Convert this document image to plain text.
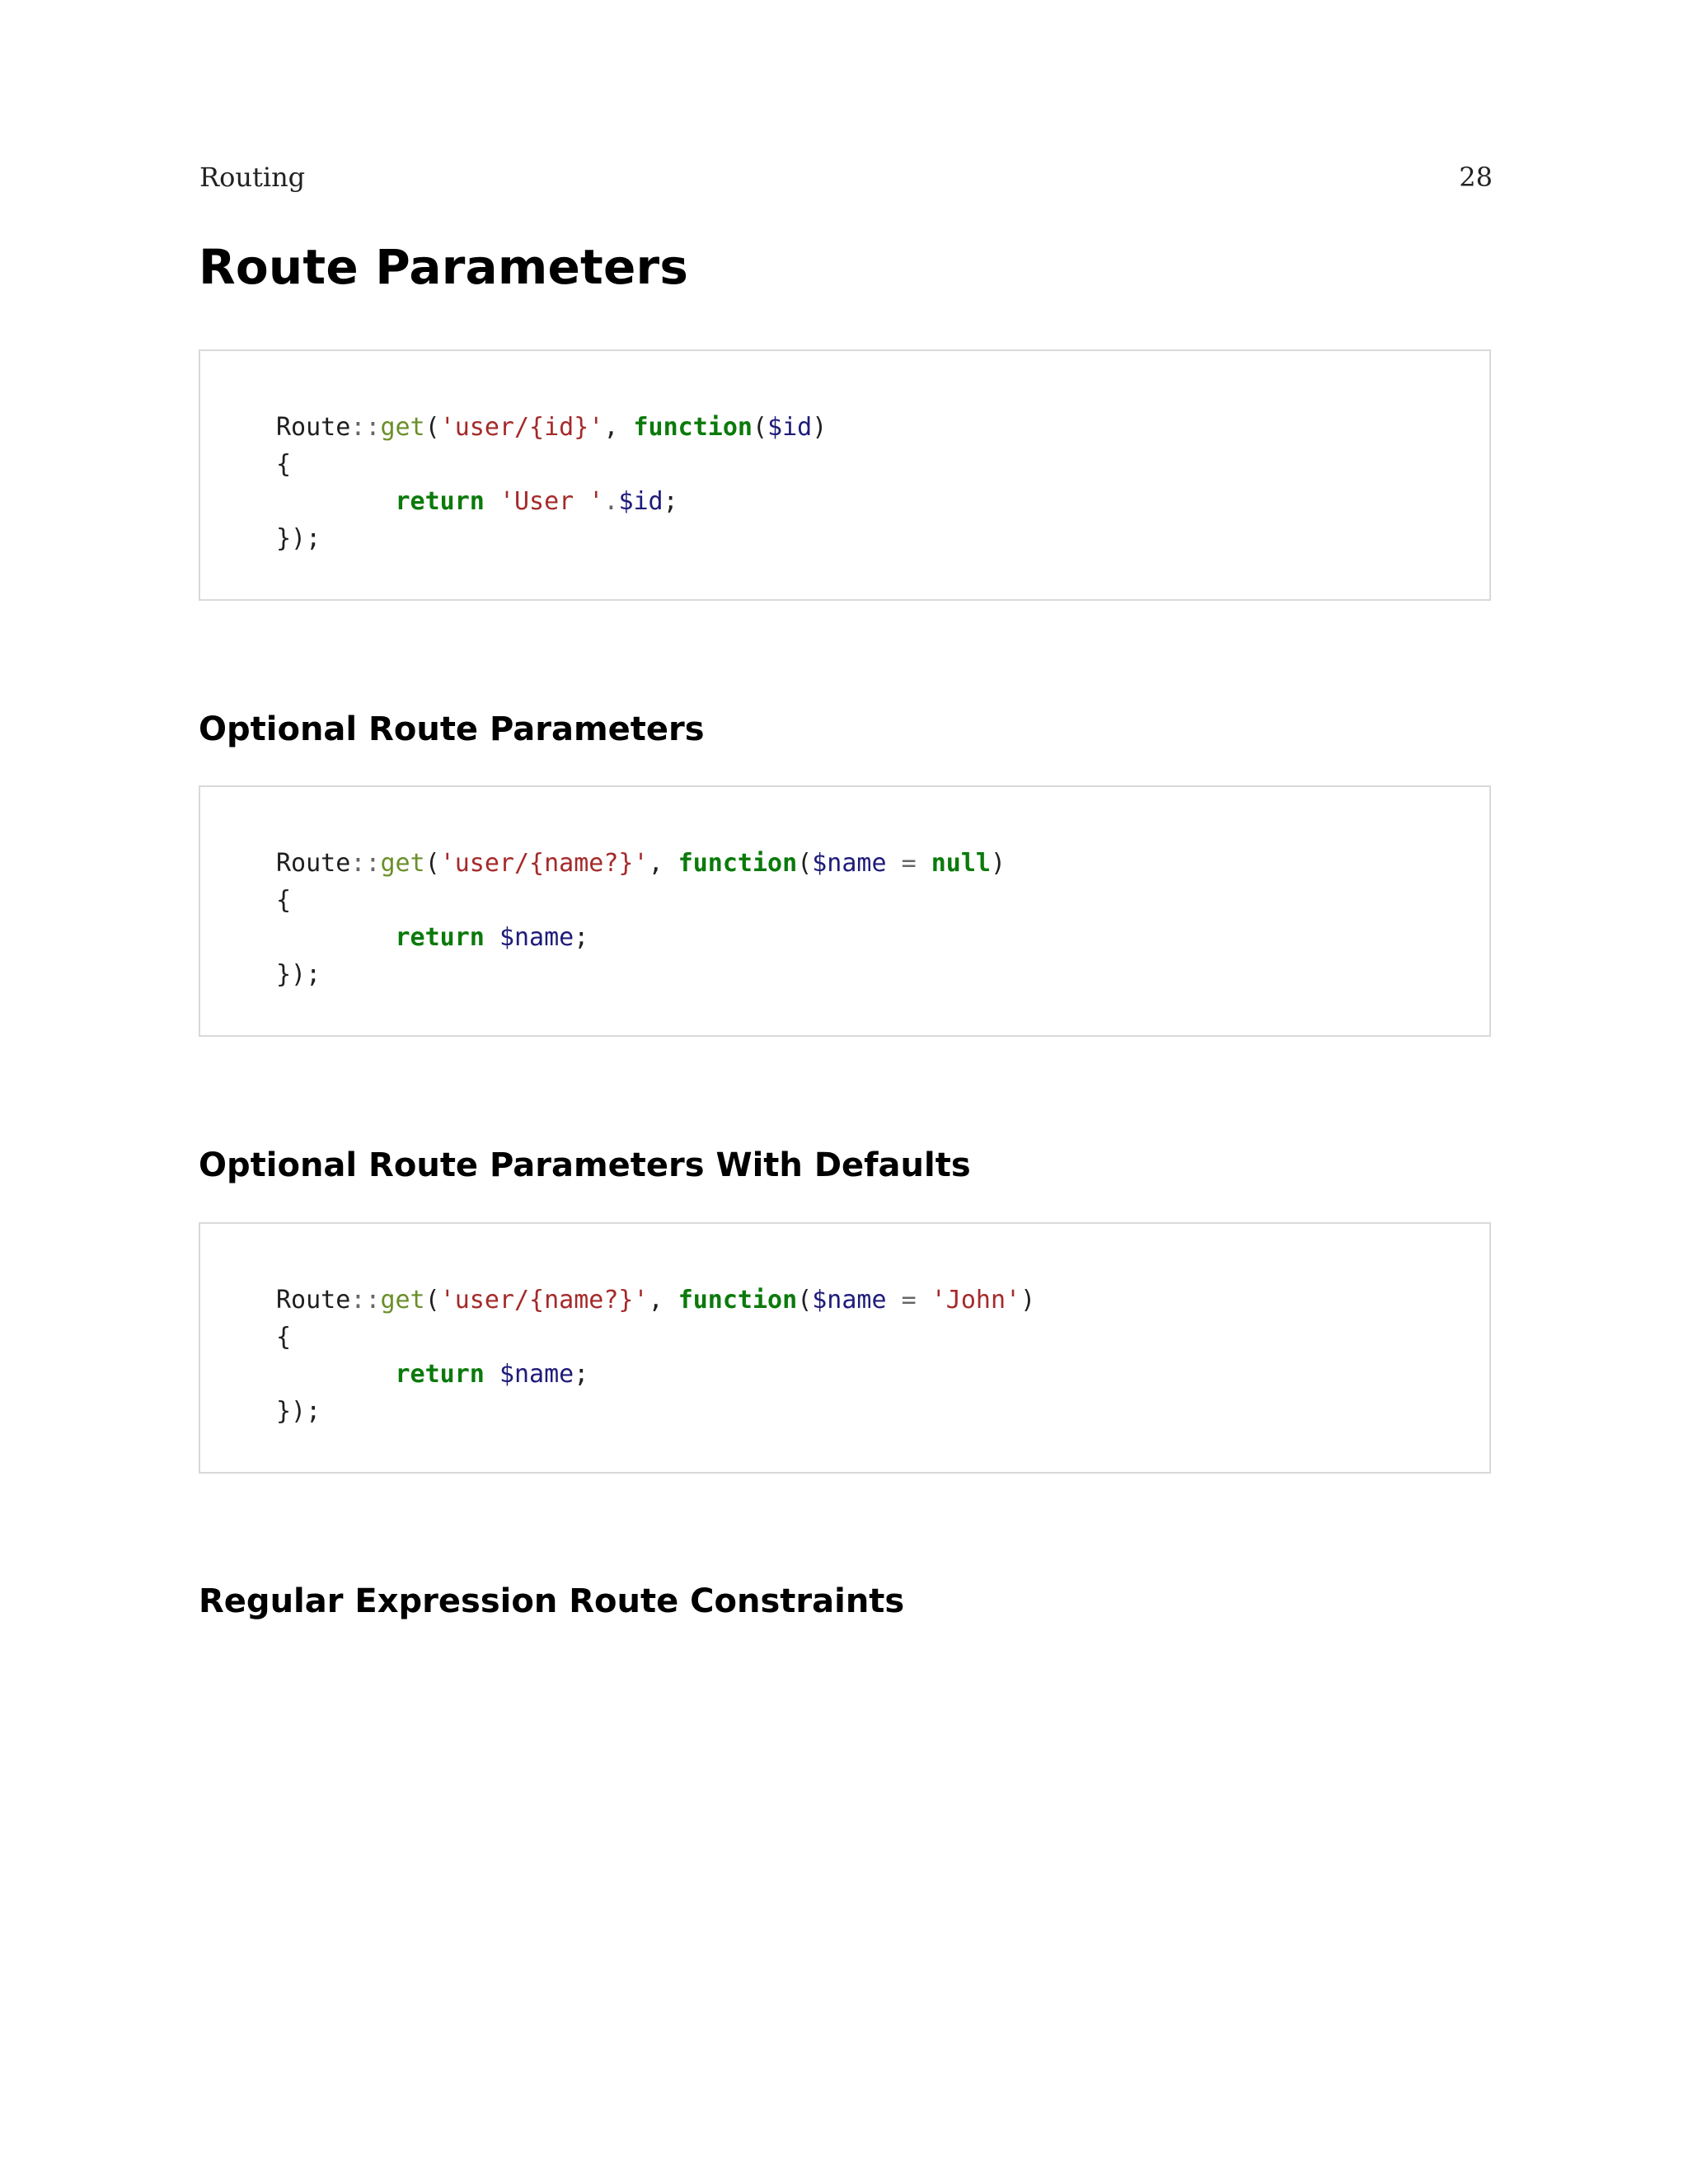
Routing	28
Route Parameters
Route::get('user/{id}', function($id)
{
return 'User '.$id;
});
Optional Route Parameters
Route::get('user/{name?}', function($name = null)
{
return $name;
});
Optional Route Parameters With Defaults
Route::get('user/{name?}', function($name = 'John')
{
return $name;
});
Regular Expression Route Constraints
